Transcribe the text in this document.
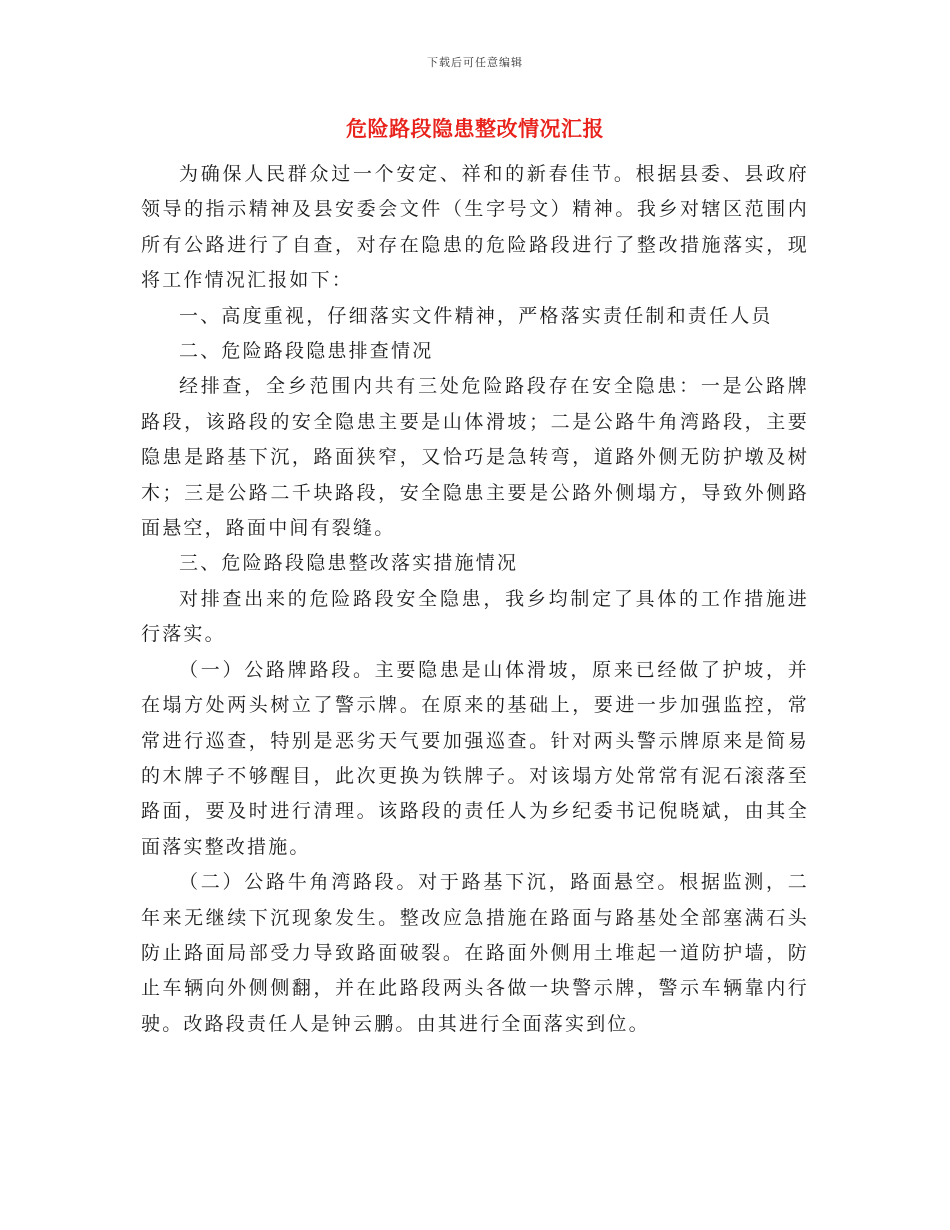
下载后可任意编辑
危险路段隐患整改情况汇报

为确保人民群众过一个安定、祥和的新春佳节。根据县委、县政府领导的指示精神及县安委会文件（生字号文）精神。我乡对辖区范围内所有公路进行了自查，对存在隐患的危险路段进行了整改措施落实，现将工作情况汇报如下：

一、高度重视，仔细落实文件精神，严格落实责任制和责任人员

二、危险路段隐患排查情况

经排查，全乡范围内共有三处危险路段存在安全隐患：一是公路牌路段，该路段的安全隐患主要是山体滑坡；二是公路牛角湾路段，主要隐患是路基下沉，路面狭窄，又恰巧是急转弯，道路外侧无防护墩及树木；三是公路二千块路段，安全隐患主要是公路外侧塌方，导致外侧路面悬空，路面中间有裂缝。

三、危险路段隐患整改落实措施情况

对排查出来的危险路段安全隐患，我乡均制定了具体的工作措施进行落实。

（一）公路牌路段。主要隐患是山体滑坡，原来已经做了护坡，并在塌方处两头树立了警示牌。在原来的基础上，要进一步加强监控，常常进行巡查，特别是恶劣天气要加强巡查。针对两头警示牌原来是简易的木牌子不够醒目，此次更换为铁牌子。对该塌方处常常有泥石滚落至路面，要及时进行清理。该路段的责任人为乡纪委书记倪晓斌，由其全面落实整改措施。

（二）公路牛角湾路段。对于路基下沉，路面悬空。根据监测，二年来无继续下沉现象发生。整改应急措施在路面与路基处全部塞满石头防止路面局部受力导致路面破裂。在路面外侧用土堆起一道防护墙，防止车辆向外侧侧翻，并在此路段两头各做一块警示牌，警示车辆靠内行驶。改路段责任人是钟云鹏。由其进行全面落实到位。
